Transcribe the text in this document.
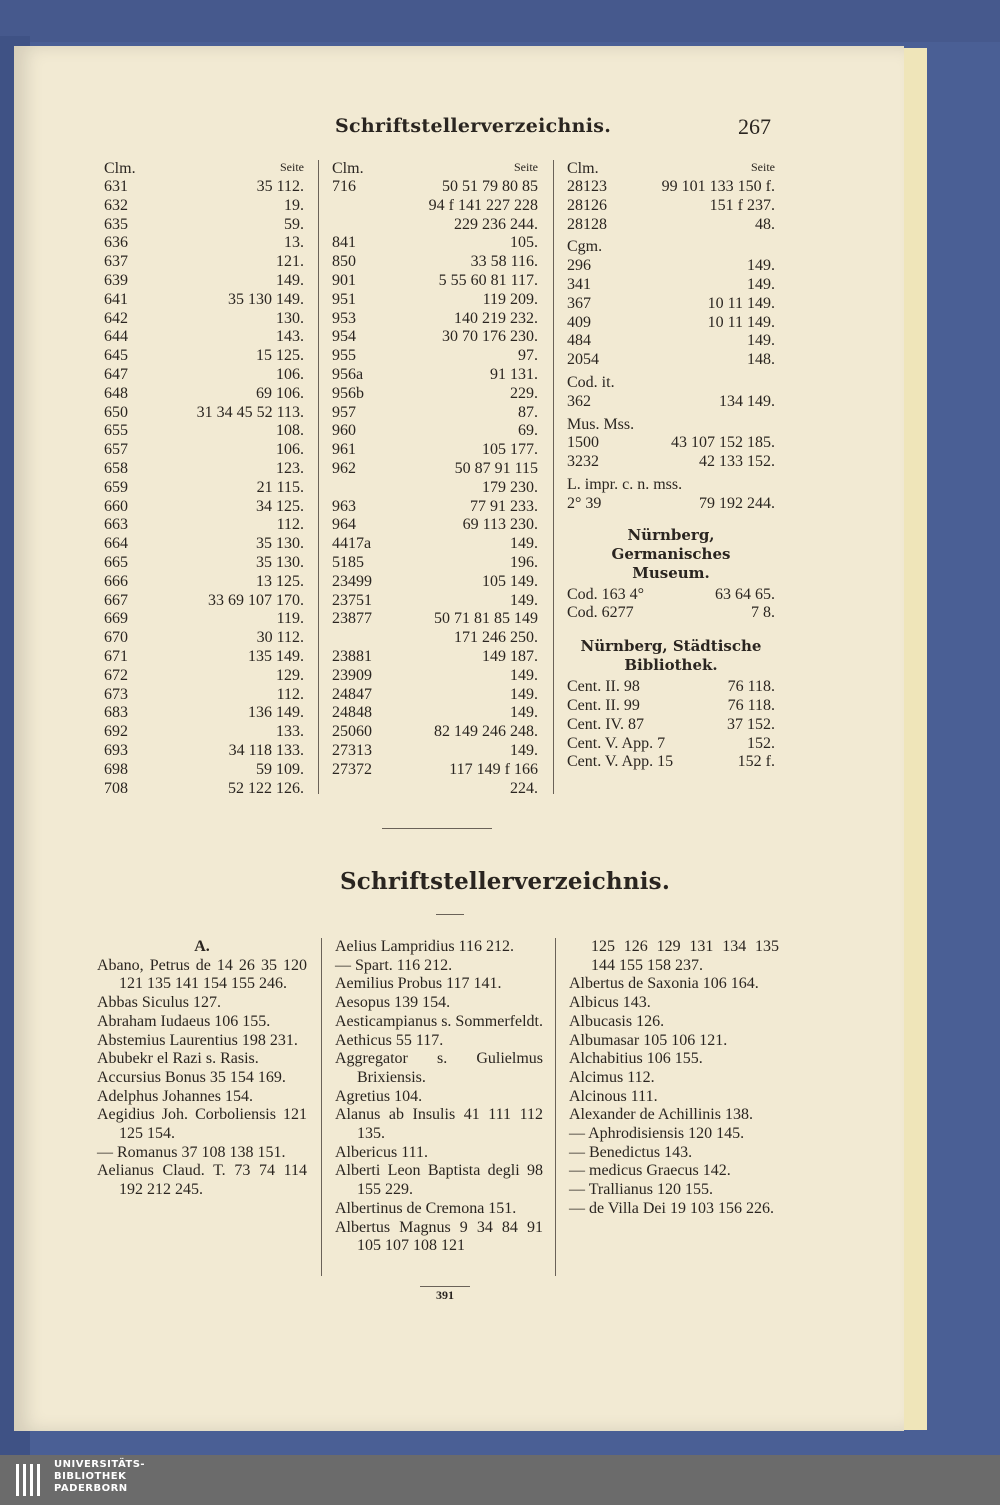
Schriftstellerverzeichnis.	267
Clm.	Seite
631	35 112.
632	19.
635	59.
636	13.
637	121.
639	149.
641	35 130 149.
642	130.
644	143.
645	15 125.
647	106.
648	69 106.
650	31 34 45 52 113.
655	108.
657	106.
658	123.
659	21 115.
660	34 125.
663	112.
664	35 130.
665	35 130.
666	13 125.
667	33 69 107 170.
669	119.
670	30 112.
671	135 149.
672	129.
673	112.
683	136 149.
692	133.
693	34 118 133.
698	59 109.
708	52 122 126.
Clm.	Seite
716	50 51 79 80 85
94 f 141 227 228
229 236 244.
841	105.
850	33 58 116.
901	5 55 60 81 117.
951	119 209.
953	140 219 232.
954	30 70 176 230.
955	97.
956a	91 131.
956b	229.
957	87.
960	69.
961	105 177.
962	50 87 91 115
179 230.
963	77 91 233.
964	69 113 230.
4417a	149.
5185	196.
23499	105 149.
23751	149.
23877	50 71 81 85 149
171 246 250.
23881	149 187.
23909	149.
24847	149.
24848	149.
25060	82 149 246 248.
27313	149.
27372	117 149 f 166
224.
Clm.	Seite
28123	99 101 133 150 f.
28126	151 f 237.
28128	48.
Cgm.
296	149.
341	149.
367	10 11 149.
409	10 11 149.
484	149.
2054	148.
Cod. it.
362	134 149.
Mus. Mss.
1500	43 107 152 185.
3232	42 133 152.
L. impr. c. n. mss.
2° 39	79 192 244.
Nürnberg, Germanisches
Museum.
Cod. 163 4°	63 64 65.
Cod. 6277	7 8.
Nürnberg, Städtische
Bibliothek.
Cent. II. 98	76 118.
Cent. II. 99	76 118.
Cent. IV. 87	37 152.
Cent. V. App. 7	152.
Cent. V. App. 15	152 f.
Schriftstellerverzeichnis.
A.
Abano, Petrus de 14 26 35 120 121 135 141 154 155 246.
Abbas Siculus 127.
Abraham Iudaeus 106 155.
Abstemius Laurentius 198 231.
Abubekr el Razi s. Rasis.
Accursius Bonus 35 154 169.
Adelphus Johannes 154.
Aegidius Joh. Corboliensis 121 125 154.
— Romanus 37 108 138 151.
Aelianus Claud. T. 73 74 114 192 212 245.
Aelius Lampridius 116 212.
— Spart. 116 212.
Aemilius Probus 117 141.
Aesopus 139 154.
Aesticampianus s. Sommerfeldt.
Aethicus 55 117.
Aggregator s. Gulielmus Brixiensis.
Agretius 104.
Alanus ab Insulis 41 111 112 135.
Albericus 111.
Alberti Leon Baptista degli 98 155 229.
Albertinus de Cremona 151.
Albertus Magnus 9 34 84 91 105 107 108 121
125 126 129 131 134 135 144 155 158 237.
Albertus de Saxonia 106 164.
Albicus 143.
Albucasis 126.
Albumasar 105 106 121.
Alchabitius 106 155.
Alcimus 112.
Alcinous 111.
Alexander de Achillinis 138.
— Aphrodisiensis 120 145.
— Benedictus 143.
— medicus Graecus 142.
— Trallianus 120 155.
— de Villa Dei 19 103 156 226.
391
UNIVERSITÄTS-
BIBLIOTHEK
PADERBORN
